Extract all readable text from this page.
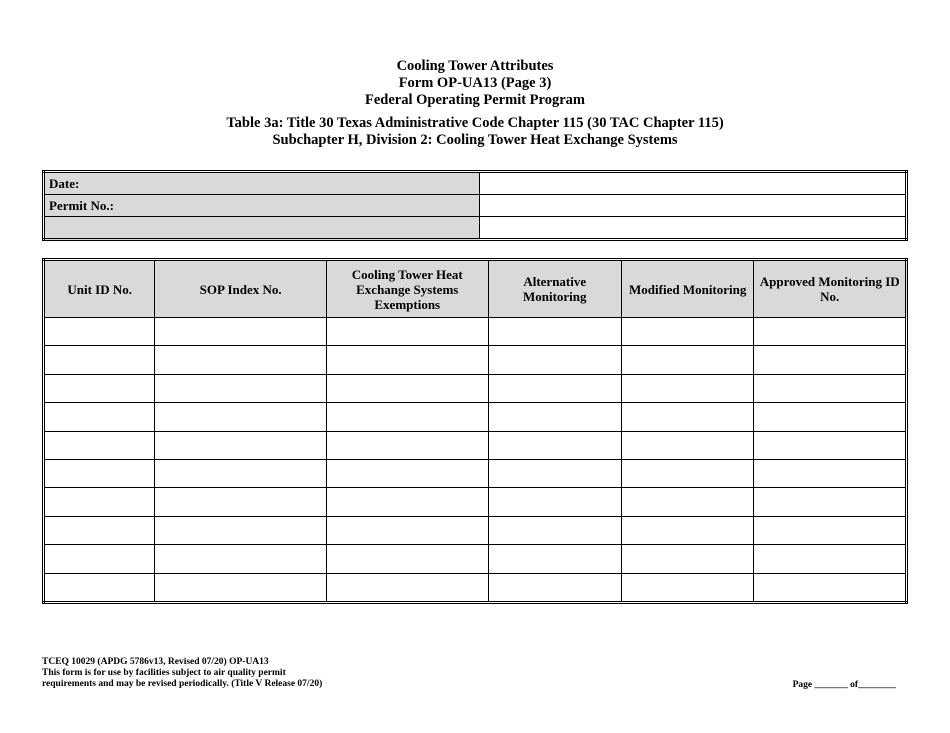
Cooling Tower Attributes
Form OP-UA13 (Page 3)
Federal Operating Permit Program
Table 3a: Title 30 Texas Administrative Code Chapter 115 (30 TAC Chapter 115)
Subchapter H, Division 2: Cooling Tower Heat Exchange Systems
Date:	
Permit No.:	

Unit ID No.	SOP Index No.	Cooling Tower Heat Exchange Systems Exemptions	Alternative Monitoring	Modified Monitoring	Approved Monitoring ID No.

TCEQ 10029 (APDG 5786v13, Revised 07/20) OP-UA13
This form is for use by facilities subject to air quality permit
requirements and may be revised periodically. (Title V Release 07/20)	Page _______ of________
